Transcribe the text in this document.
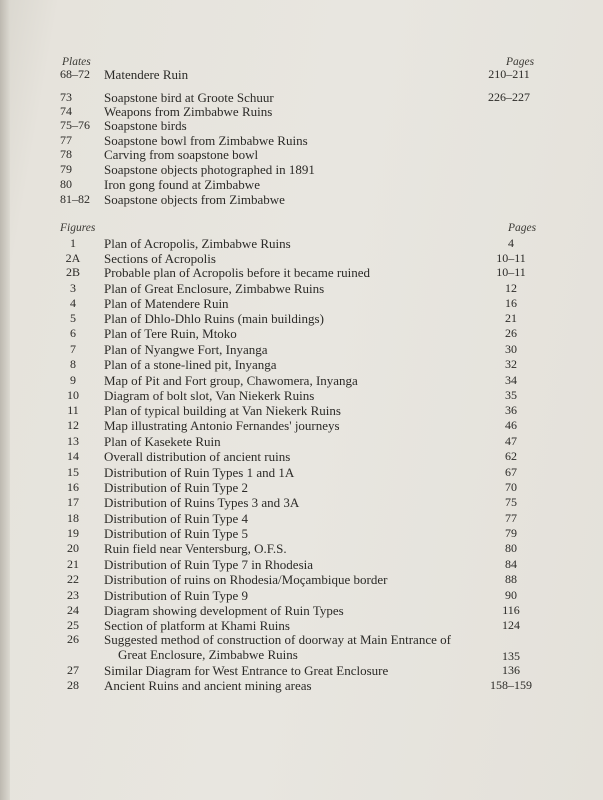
Plates	Pages
68–72	Matendere Ruin	210–211
73	Soapstone bird at Groote Schuur	226–227
74	Weapons from Zimbabwe Ruins
75–76	Soapstone birds
77	Soapstone bowl from Zimbabwe Ruins
78	Carving from soapstone bowl
79	Soapstone objects photographed in 1891
80	Iron gong found at Zimbabwe
81–82	Soapstone objects from Zimbabwe
Figures	Pages
1	Plan of Acropolis, Zimbabwe Ruins	4
2A	Sections of Acropolis	10–11
2B	Probable plan of Acropolis before it became ruined	10–11
3	Plan of Great Enclosure, Zimbabwe Ruins	12
4	Plan of Matendere Ruin	16
5	Plan of Dhlo-Dhlo Ruins (main buildings)	21
6	Plan of Tere Ruin, Mtoko	26
7	Plan of Nyangwe Fort, Inyanga	30
8	Plan of a stone-lined pit, Inyanga	32
9	Map of Pit and Fort group, Chawomera, Inyanga	34
10	Diagram of bolt slot, Van Niekerk Ruins	35
11	Plan of typical building at Van Niekerk Ruins	36
12	Map illustrating Antonio Fernandes' journeys	46
13	Plan of Kasekete Ruin	47
14	Overall distribution of ancient ruins	62
15	Distribution of Ruin Types 1 and 1A	67
16	Distribution of Ruin Type 2	70
17	Distribution of Ruins Types 3 and 3A	75
18	Distribution of Ruin Type 4	77
19	Distribution of Ruin Type 5	79
20	Ruin field near Ventersburg, O.F.S.	80
21	Distribution of Ruin Type 7 in Rhodesia	84
22	Distribution of ruins on Rhodesia/Moçambique border	88
23	Distribution of Ruin Type 9	90
24	Diagram showing development of Ruin Types	116
25	Section of platform at Khami Ruins	124
26	Suggested method of construction of doorway at Main Entrance of
Great Enclosure, Zimbabwe Ruins	135
27	Similar Diagram for West Entrance to Great Enclosure	136
28	Ancient Ruins and ancient mining areas	158–159
